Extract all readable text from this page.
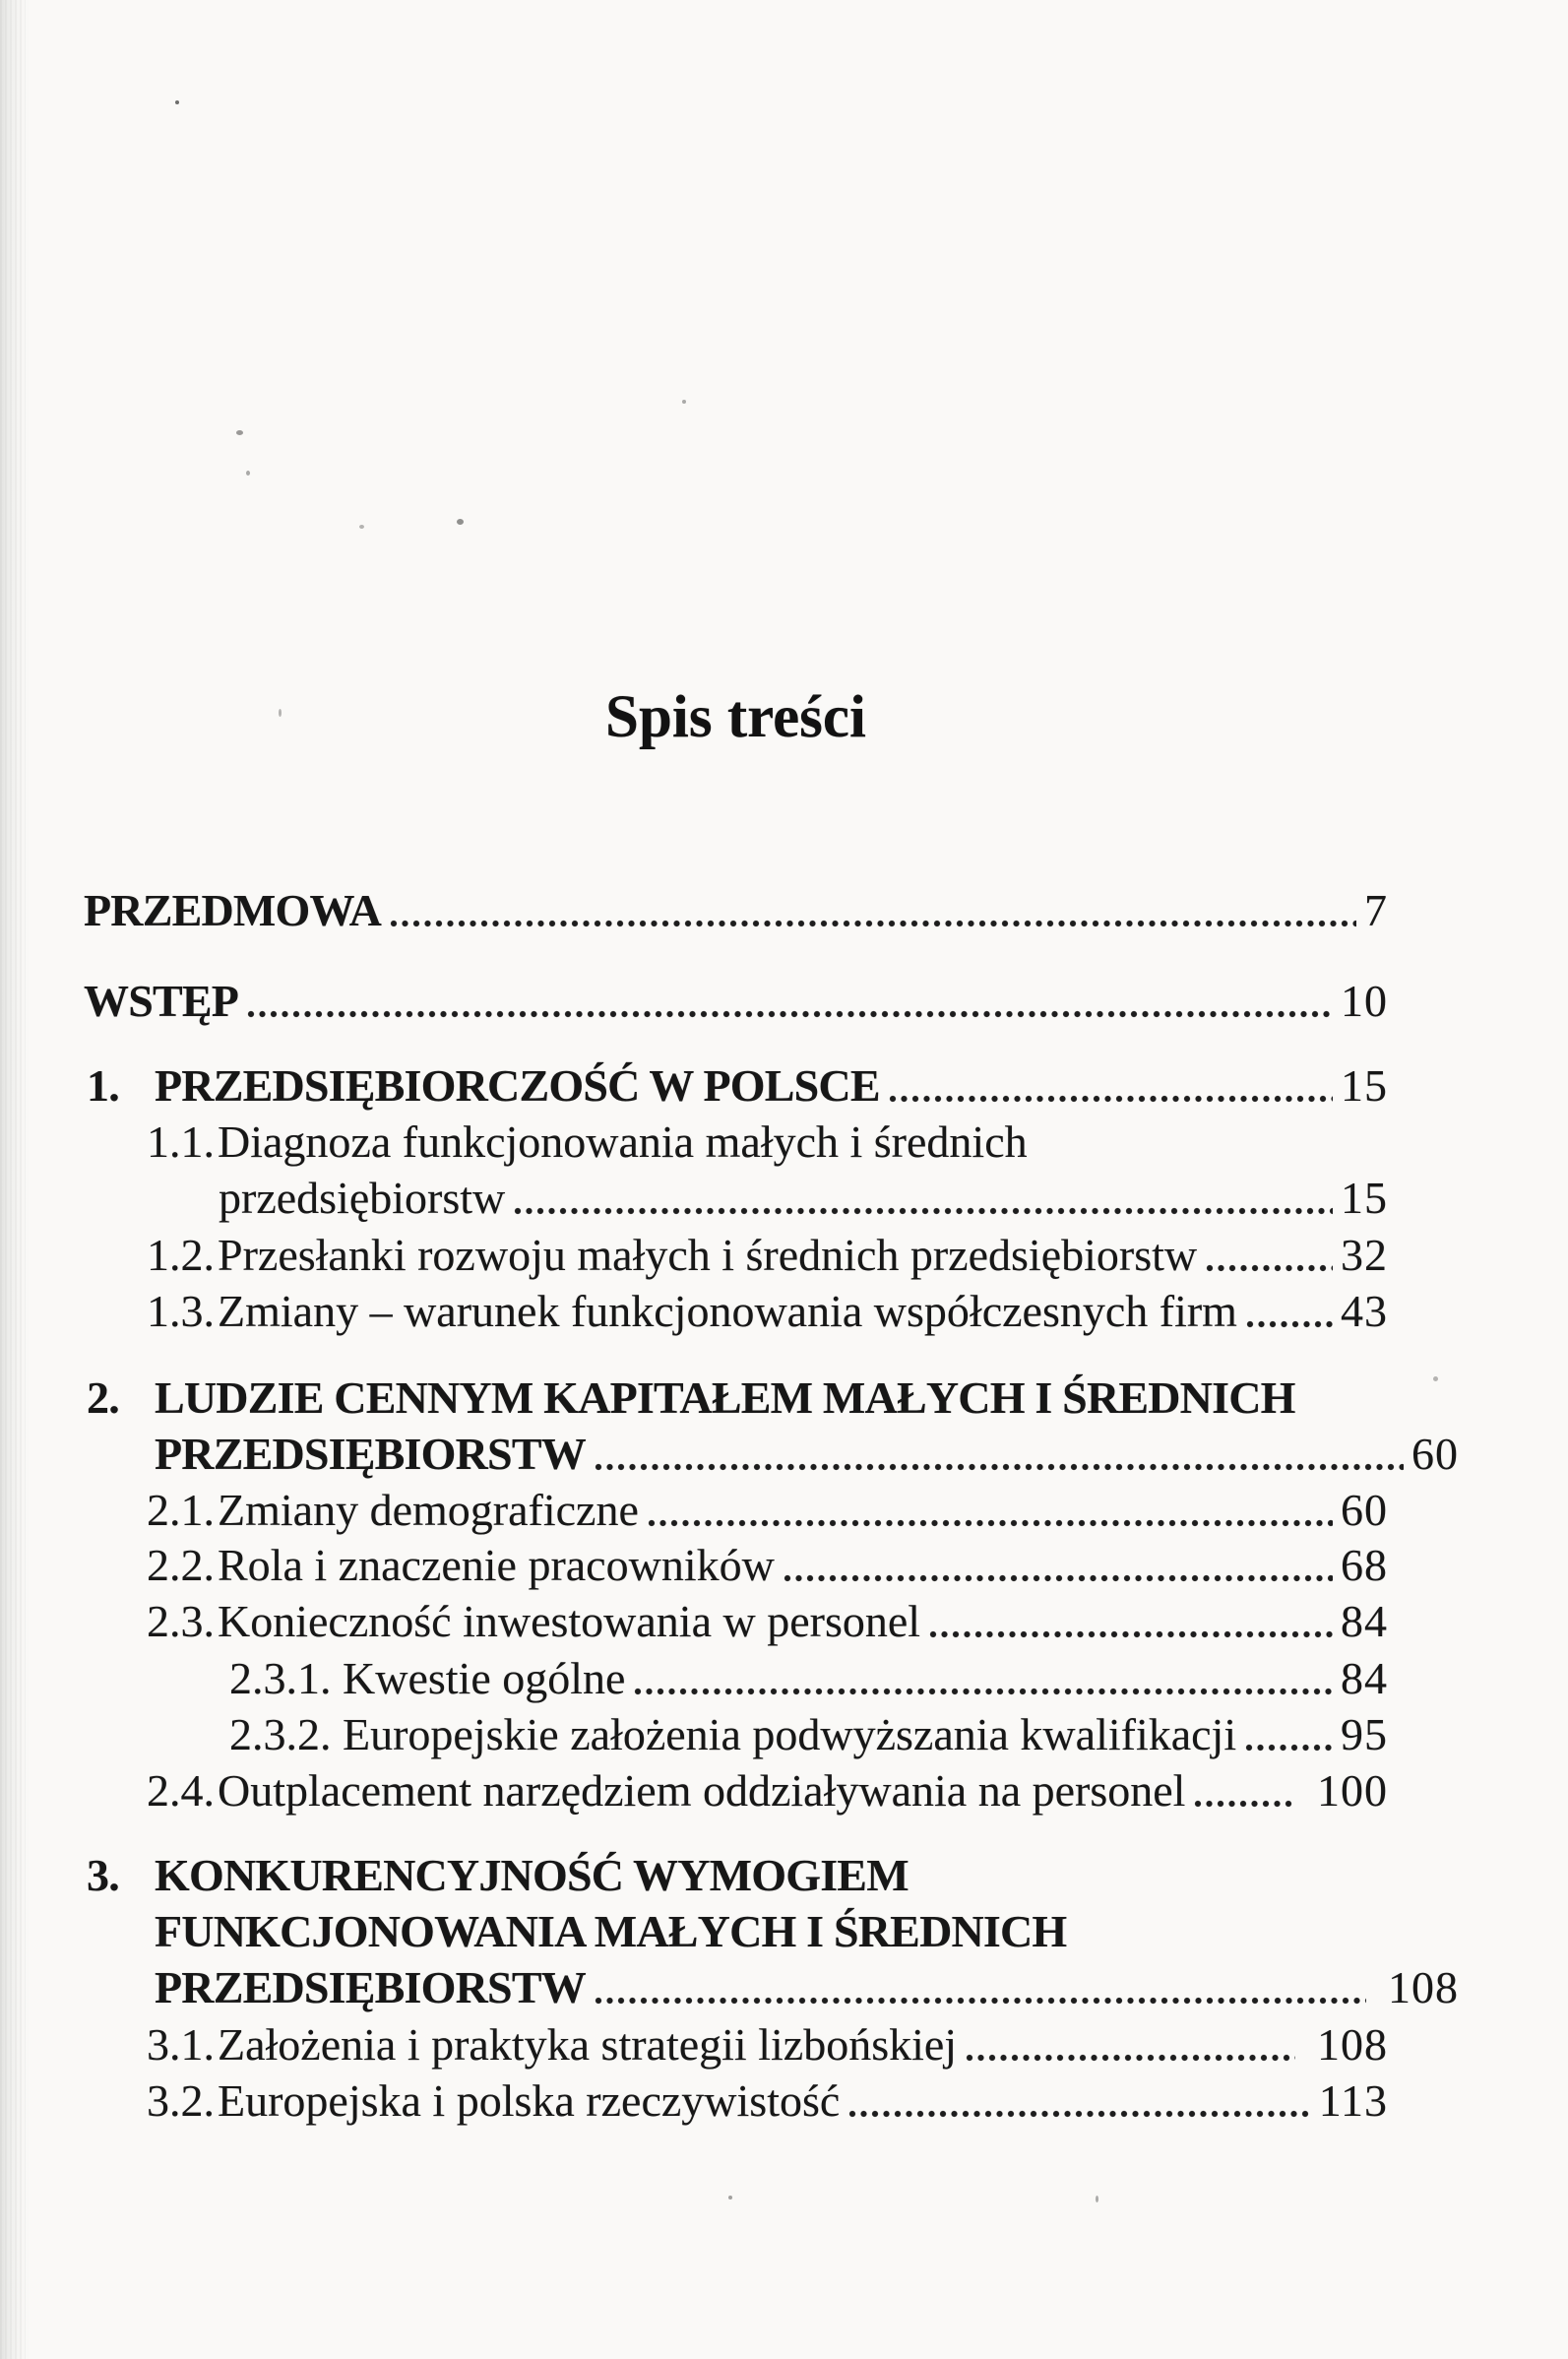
Spis treści
PRZEDMOWA	7
WSTĘP	10
1. PRZEDSIĘBIORCZOŚĆ W POLSCE	15
1.1. Diagnoza funkcjonowania małych i średnich
przedsiębiorstw	15
1.2. Przesłanki rozwoju małych i średnich przedsiębiorstw	32
1.3. Zmiany – warunek funkcjonowania współczesnych firm 43
2. LUDZIE CENNYM KAPITAŁEM MAŁYCH I ŚREDNICH
PRZEDSIĘBIORSTW	60
2.1. Zmiany demograficzne	60
2.2. Rola i znaczenie pracowników	68
2.3. Konieczność inwestowania w personel	84
2.3.1. Kwestie ogólne	84
2.3.2. Europejskie założenia podwyższania kwalifikacji 95
2.4. Outplacement narzędziem oddziaływania na personel	100
3. KONKURENCYJNOŚĆ WYMOGIEM
FUNKCJONOWANIA MAŁYCH I ŚREDNICH
PRZEDSIĘBIORSTW	108
3.1. Założenia i praktyka strategii lizbońskiej	108
3.2. Europejska i polska rzeczywistość	113
